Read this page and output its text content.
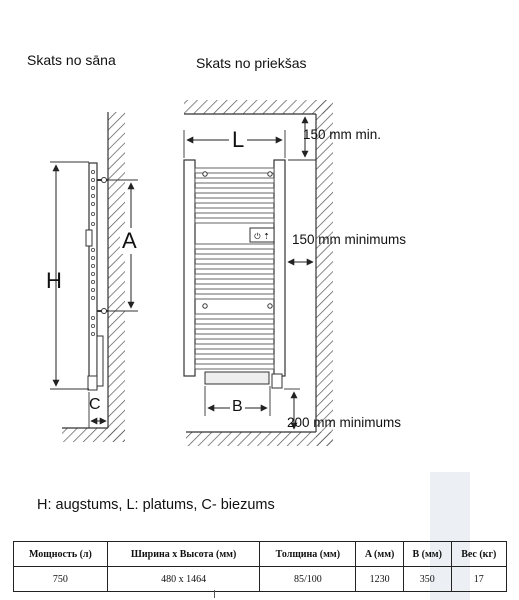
⏻ ⇡
Skats no sāna	Skats no priekšas
H
A
C
L
B
150 mm min.
150 mm minimums
200 mm minimums
H: augstums, L: platums, C- biezums
Мощность (л)	Ширина х Высота (мм)	Толщина (мм)	A (мм)	B (мм)	Вес (кг)
750	480 x 1464	85/100	1230	350	17
